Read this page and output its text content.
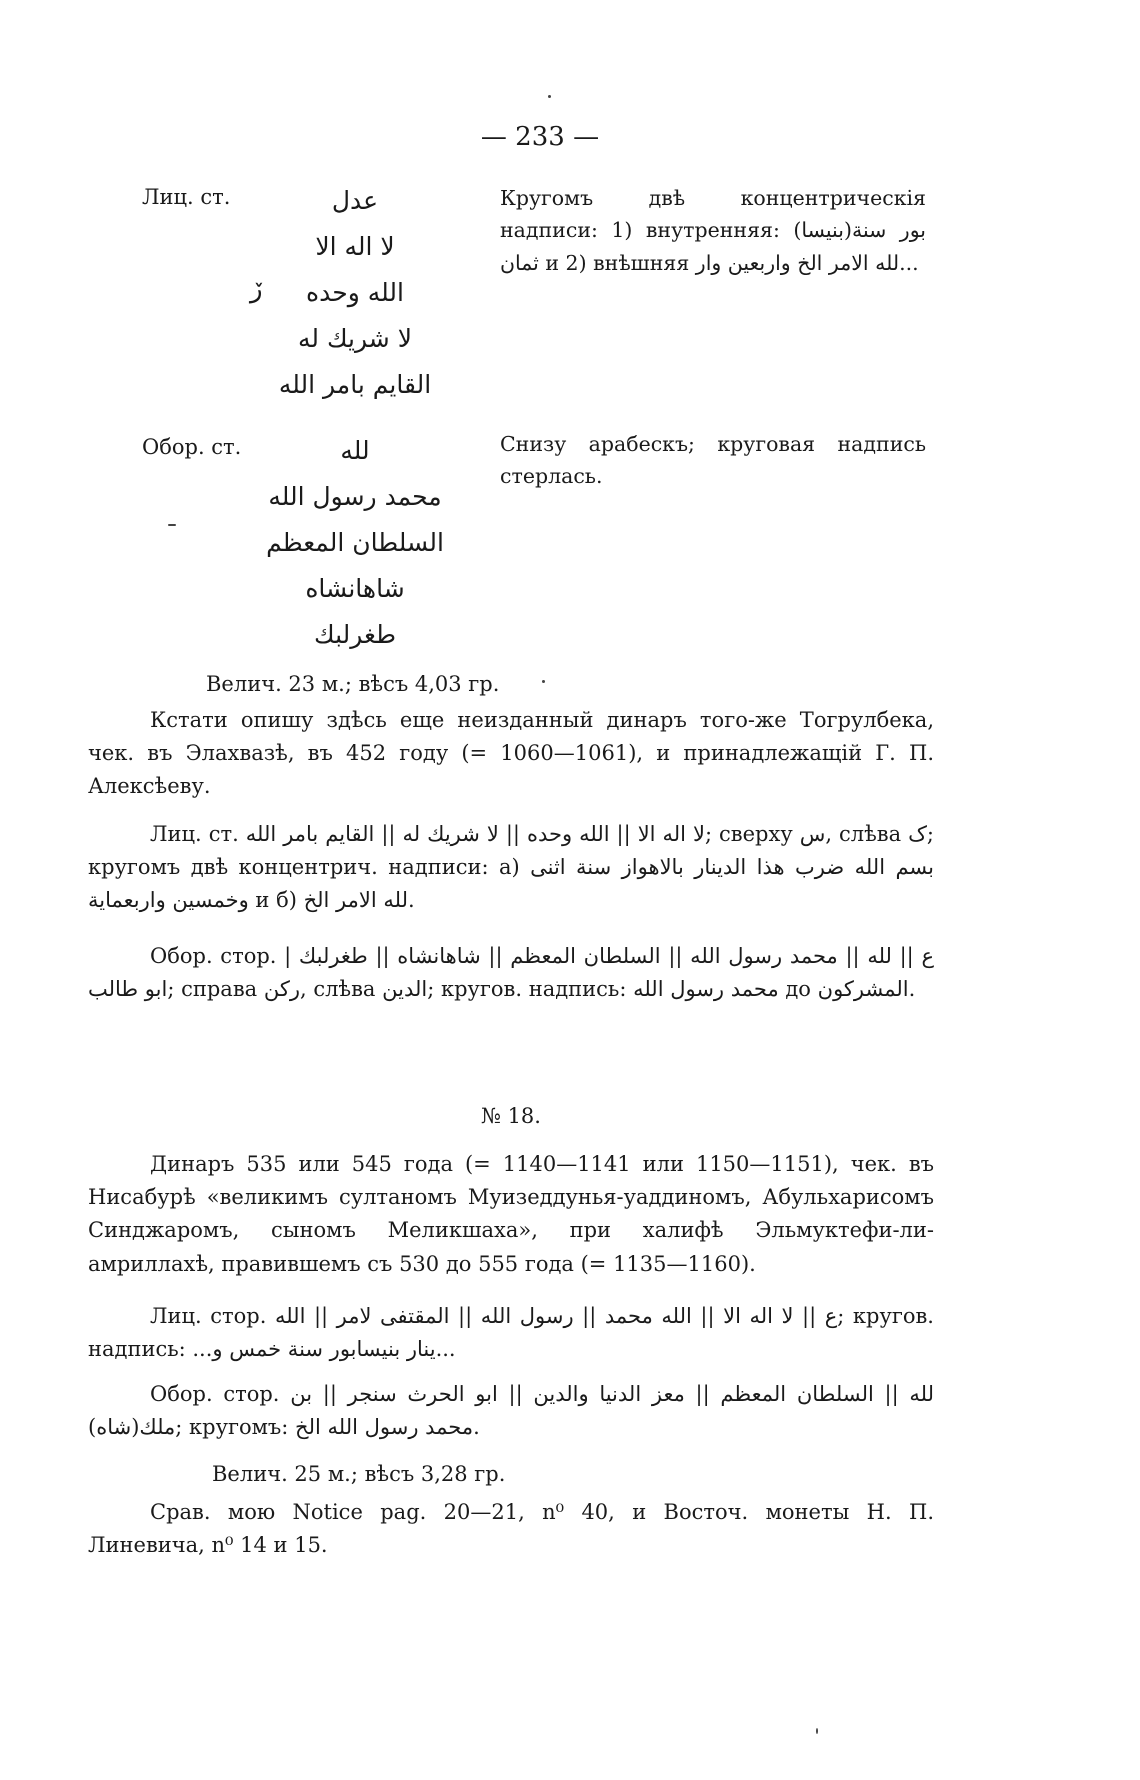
— 233 —
Лиц. ст.	عدل
لا اله الا
الله وحده
لا شريك له
القايم بامر الله
ڒ
Кругомъ двѣ концентрическія надписи: 1) внутренняя: (بنيسا)بور سنة ثمان и 2) внѣшняя لله الامر الخ واربعين وار...
Обор. ст.	لله
محمد رسول الله
السلطان المعظم
شاهانشاه
طغرلبك
Снизу арабескъ; круговая надпись стерлась.
Велич. 23 м.; вѣсъ 4,03 гр.
Кстати опишу здѣсь еще неизданный динаръ того-же Тогрулбека, чек. въ Элахвазѣ, въ 452 году (= 1060—1061), и принадлежащій Г. П. Алексѣеву.
Лиц. ст. لا اله الا || الله وحده || لا شريك له || القايم بامر الله; сверху س, слѣва ک; кругомъ двѣ концентрич. надписи: а) بسم الله ضرب هذا الدينار بالاهواز سنة اثنى وخمسين واربعماية и б) لله الامر الخ.
Обор. стор. ع || لله || محمد رسول الله || السلطان المعظم || شاهانشاه || طغرلبك | ابو طالب; справа ركن, слѣва الدين; кругов. надпись: محمد رسول الله до المشركون.
№ 18.
Динаръ 535 или 545 года (= 1140—1141 или 1150—1151), чек. въ Нисабурѣ «великимъ султаномъ Муизеддунья-уаддиномъ, Абульхарисомъ Синджаромъ, сыномъ Меликшаха», при халифѣ Эльмуктефи-ли-амриллахѣ, правившемъ съ 530 до 555 года (= 1135—1160).
Лиц. стор. ع || لا اله الا || الله محمد || رسول الله || المقتفى لامر || الله; кругов. надпись: ...ينار بنيسابور سنة خمس و...
Обор. стор. لله || السلطان المعظم || معز الدنيا والدين || ابو الحرث سنجر || بن ملك(شاه); кругомъ: محمد رسول الله الخ.
Велич. 25 м.; вѣсъ 3,28 гр.
Срав. мою Notice pag. 20—21, n⁰ 40, и Восточ. монеты Н. П. Линевича, n⁰ 14 и 15.
